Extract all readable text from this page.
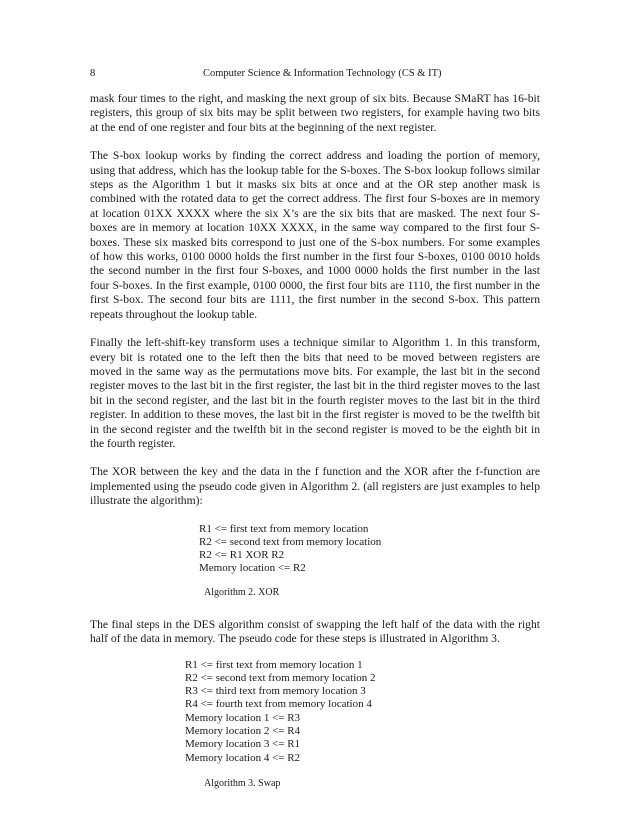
8	Computer Science & Information Technology (CS & IT)

mask four times to the right, and masking the next group of six bits. Because SMaRT has 16-bit registers, this group of six bits may be split between two registers, for example having two bits at the end of one register and four bits at the beginning of the next register.

The S-box lookup works by finding the correct address and loading the portion of memory, using that address, which has the lookup table for the S-boxes. The S-box lookup follows similar steps as the Algorithm 1 but it masks six bits at once and at the OR step another mask is combined with the rotated data to get the correct address. The first four S-boxes are in memory at location 01XX XXXX where the six X’s are the six bits that are masked. The next four S-boxes are in memory at location 10XX XXXX, in the same way compared to the first four S-boxes. These six masked bits correspond to just one of the S-box numbers. For some examples of how this works, 0100 0000 holds the first number in the first four S-boxes, 0100 0010 holds the second number in the first four S-boxes, and 1000 0000 holds the first number in the last four S-boxes. In the first example, 0100 0000, the first four bits are 1110, the first number in the first S-box. The second four bits are 1111, the first number in the second S-box. This pattern repeats throughout the lookup table.

Finally the left-shift-key transform uses a technique similar to Algorithm 1. In this transform, every bit is rotated one to the left then the bits that need to be moved between registers are moved in the same way as the permutations move bits. For example, the last bit in the second register moves to the last bit in the first register, the last bit in the third register moves to the last bit in the second register, and the last bit in the fourth register moves to the last bit in the third register. In addition to these moves, the last bit in the first register is moved to be the twelfth bit in the second register and the twelfth bit in the second register is moved to be the eighth bit in the fourth register.

The XOR between the key and the data in the f function and the XOR after the f-function are implemented using the pseudo code given in Algorithm 2. (all registers are just examples to help illustrate the algorithm):

R1 <= first text from memory location
R2 <= second text from memory location
R2 <= R1 XOR R2
Memory location <= R2
Algorithm 2. XOR

The final steps in the DES algorithm consist of swapping the left half of the data with the right half of the data in memory. The pseudo code for these steps is illustrated in Algorithm 3.

R1 <= first text from memory location 1
R2 <= second text from memory location 2
R3 <= third text from memory location 3
R4 <= fourth text from memory location 4
Memory location 1 <= R3
Memory location 2 <= R4
Memory location 3 <= R1
Memory location 4 <= R2
Algorithm 3. Swap
